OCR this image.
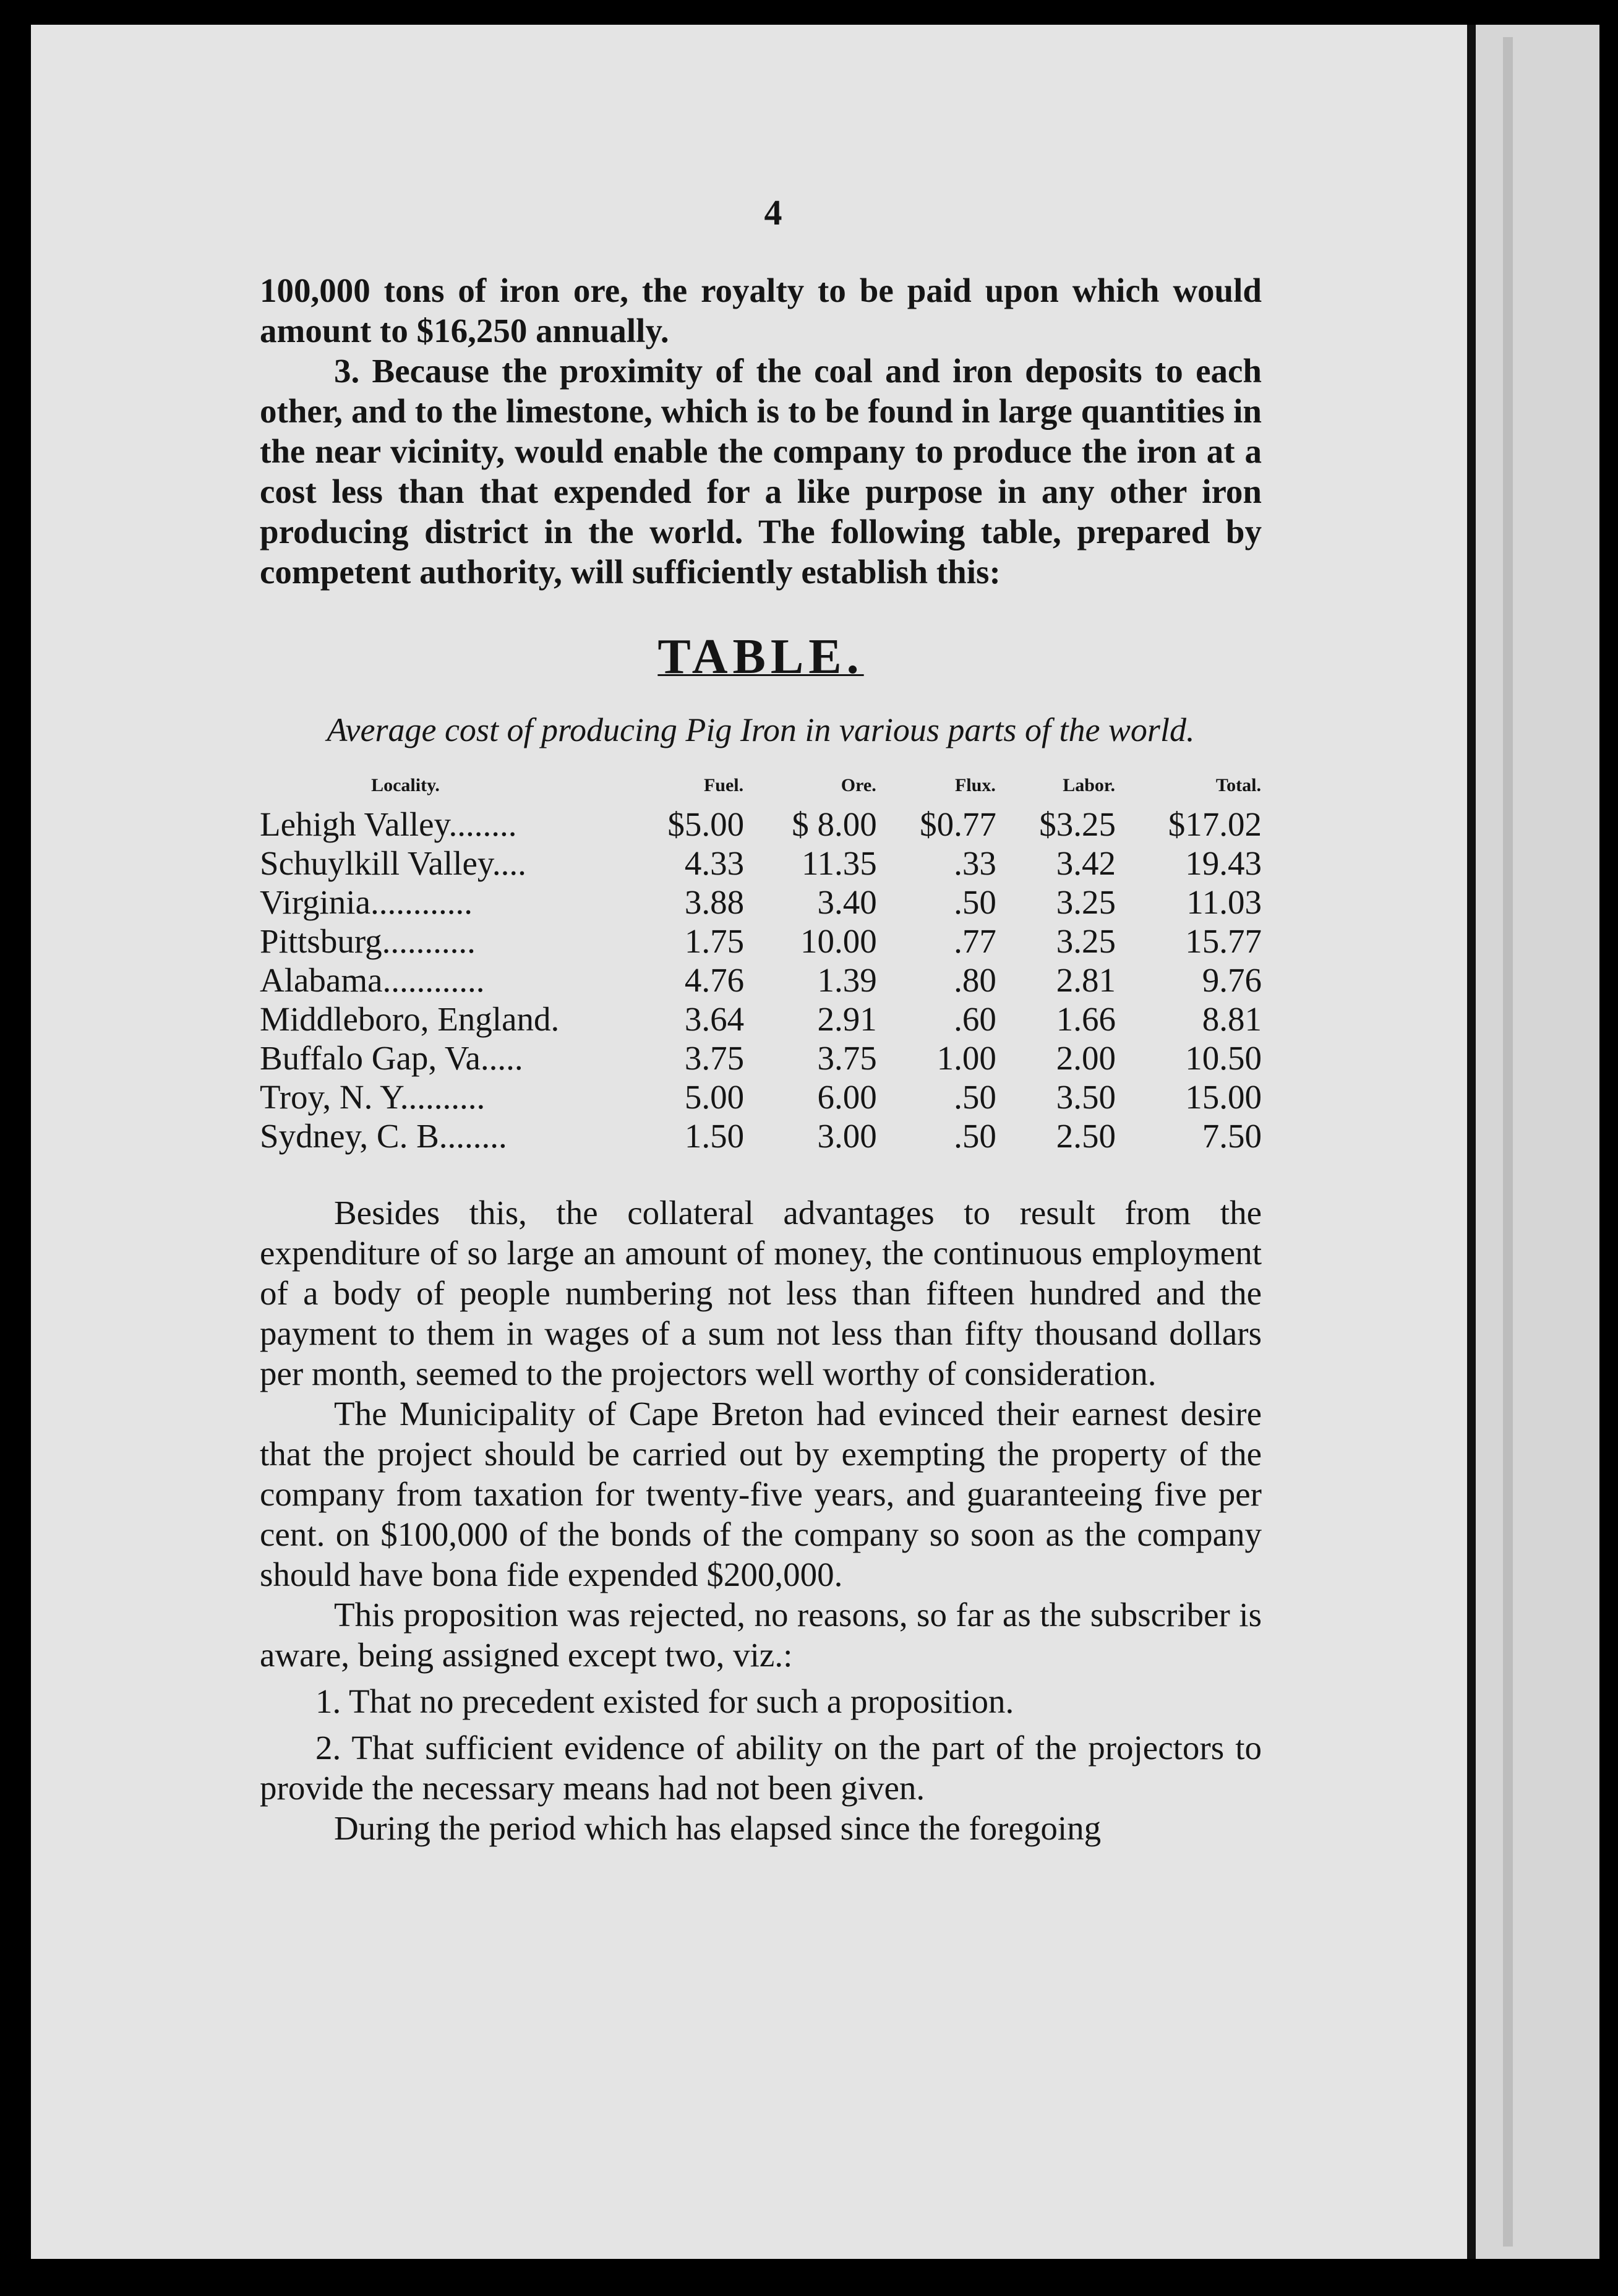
4

100,000 tons of iron ore, the royalty to be paid upon which would amount to $16,250 annually.

3. Because the proximity of the coal and iron deposits to each other, and to the limestone, which is to be found in large quantities in the near vicinity, would enable the company to produce the iron at a cost less than that expended for a like purpose in any other iron producing district in the world. The following table, prepared by competent authority, will sufficiently establish this:

TABLE.
Average cost of producing Pig Iron in various parts of the world.
Locality.	Fuel.	Ore.	Flux.	Labor.	Total.
Lehigh Valley........	$5.00	$ 8.00	$0.77	$3.25	$17.02
Schuylkill Valley....	4.33	11.35	.33	3.42	19.43
Virginia............	3.88	3.40	.50	3.25	11.03
Pittsburg...........	1.75	10.00	.77	3.25	15.77
Alabama............	4.76	1.39	.80	2.81	9.76
Middleboro, England.	3.64	2.91	.60	1.66	8.81
Buffalo Gap, Va.....	3.75	3.75	1.00	2.00	10.50
Troy, N. Y..........	5.00	6.00	.50	3.50	15.00
Sydney, C. B........	1.50	3.00	.50	2.50	7.50

Besides this, the collateral advantages to result from the expenditure of so large an amount of money, the continuous employment of a body of people numbering not less than fifteen hundred and the payment to them in wages of a sum not less than fifty thousand dollars per month, seemed to the projectors well worthy of consideration.

The Municipality of Cape Breton had evinced their earnest desire that the project should be carried out by exempting the property of the company from taxation for twenty-five years, and guaranteeing five per cent. on $100,000 of the bonds of the company so soon as the company should have bona fide expended $200,000.

This proposition was rejected, no reasons, so far as the subscriber is aware, being assigned except two, viz.:

1. That no precedent existed for such a proposition.

2. That sufficient evidence of ability on the part of the projectors to provide the necessary means had not been given.

During the period which has elapsed since the foregoing
